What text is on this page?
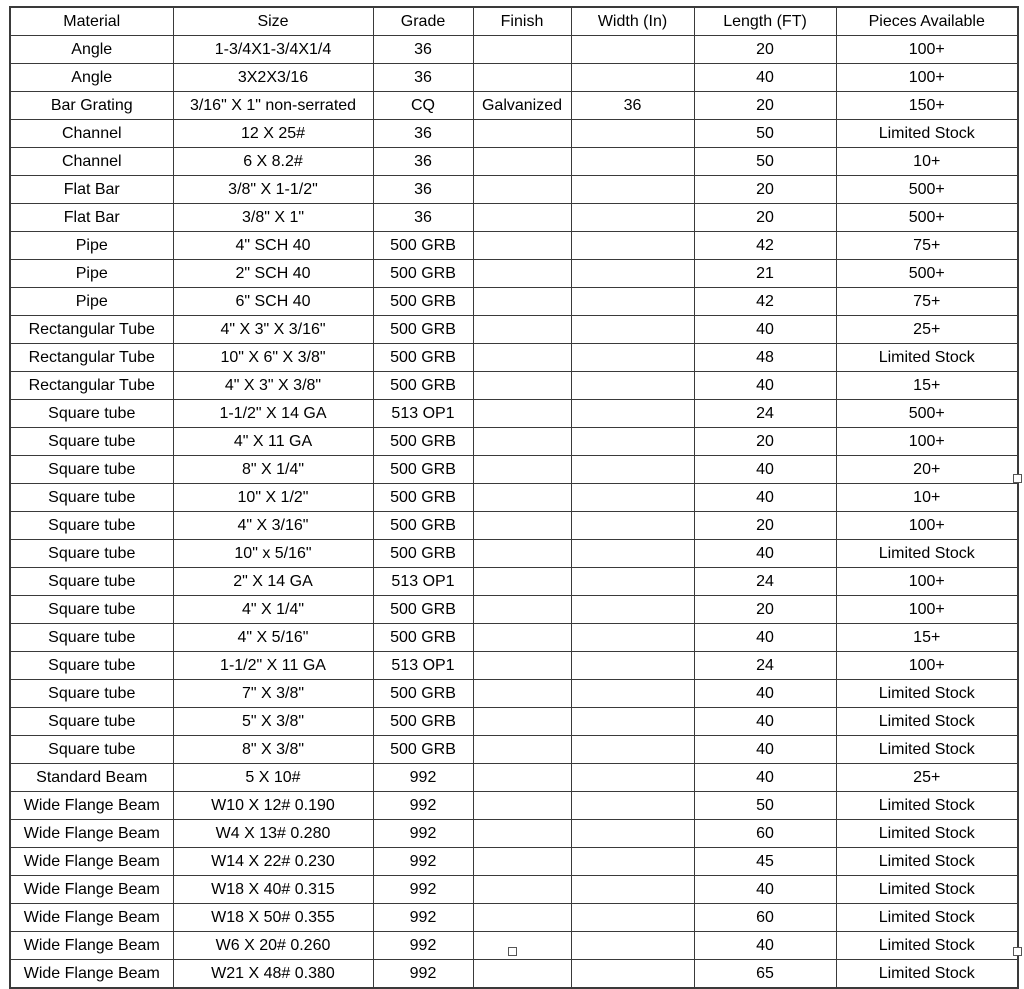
Material	Size	Grade	Finish	Width (In)	Length (FT)	Pieces Available
Angle	1-3/4X1-3/4X1/4	36			20	100+
Angle	3X2X3/16	36			40	100+
Bar Grating	3/16" X 1" non-serrated	CQ	Galvanized	36	20	150+
Channel	12 X 25#	36			50	Limited Stock
Channel	6 X 8.2#	36			50	10+
Flat Bar	3/8" X 1-1/2"	36			20	500+
Flat Bar	3/8" X 1"	36			20	500+
Pipe	4" SCH 40	500 GRB			42	75+
Pipe	2" SCH 40	500 GRB			21	500+
Pipe	6" SCH 40	500 GRB			42	75+
Rectangular Tube	4" X 3" X 3/16"	500 GRB			40	25+
Rectangular Tube	10" X 6" X 3/8"	500 GRB			48	Limited Stock
Rectangular Tube	4" X 3" X 3/8"	500 GRB			40	15+
Square tube	1-1/2" X 14 GA	513 OP1			24	500+
Square tube	4" X 11 GA	500 GRB			20	100+
Square tube	8" X 1/4"	500 GRB			40	20+
Square tube	10" X 1/2"	500 GRB			40	10+
Square tube	4" X 3/16"	500 GRB			20	100+
Square tube	10" x 5/16"	500 GRB			40	Limited Stock
Square tube	2" X 14 GA	513 OP1			24	100+
Square tube	4" X 1/4"	500 GRB			20	100+
Square tube	4" X 5/16"	500 GRB			40	15+
Square tube	1-1/2" X 11 GA	513 OP1			24	100+
Square tube	7" X 3/8"	500 GRB			40	Limited Stock
Square tube	5" X 3/8"	500 GRB			40	Limited Stock
Square tube	8" X 3/8"	500 GRB			40	Limited Stock
Standard Beam	5 X 10#	992			40	25+
Wide Flange Beam	W10 X 12# 0.190	992			50	Limited Stock
Wide Flange Beam	W4 X 13# 0.280	992			60	Limited Stock
Wide Flange Beam	W14 X 22# 0.230	992			45	Limited Stock
Wide Flange Beam	W18 X 40# 0.315	992			40	Limited Stock
Wide Flange Beam	W18 X 50# 0.355	992			60	Limited Stock
Wide Flange Beam	W6 X 20# 0.260	992			40	Limited Stock
Wide Flange Beam	W21 X 48# 0.380	992			65	Limited Stock
